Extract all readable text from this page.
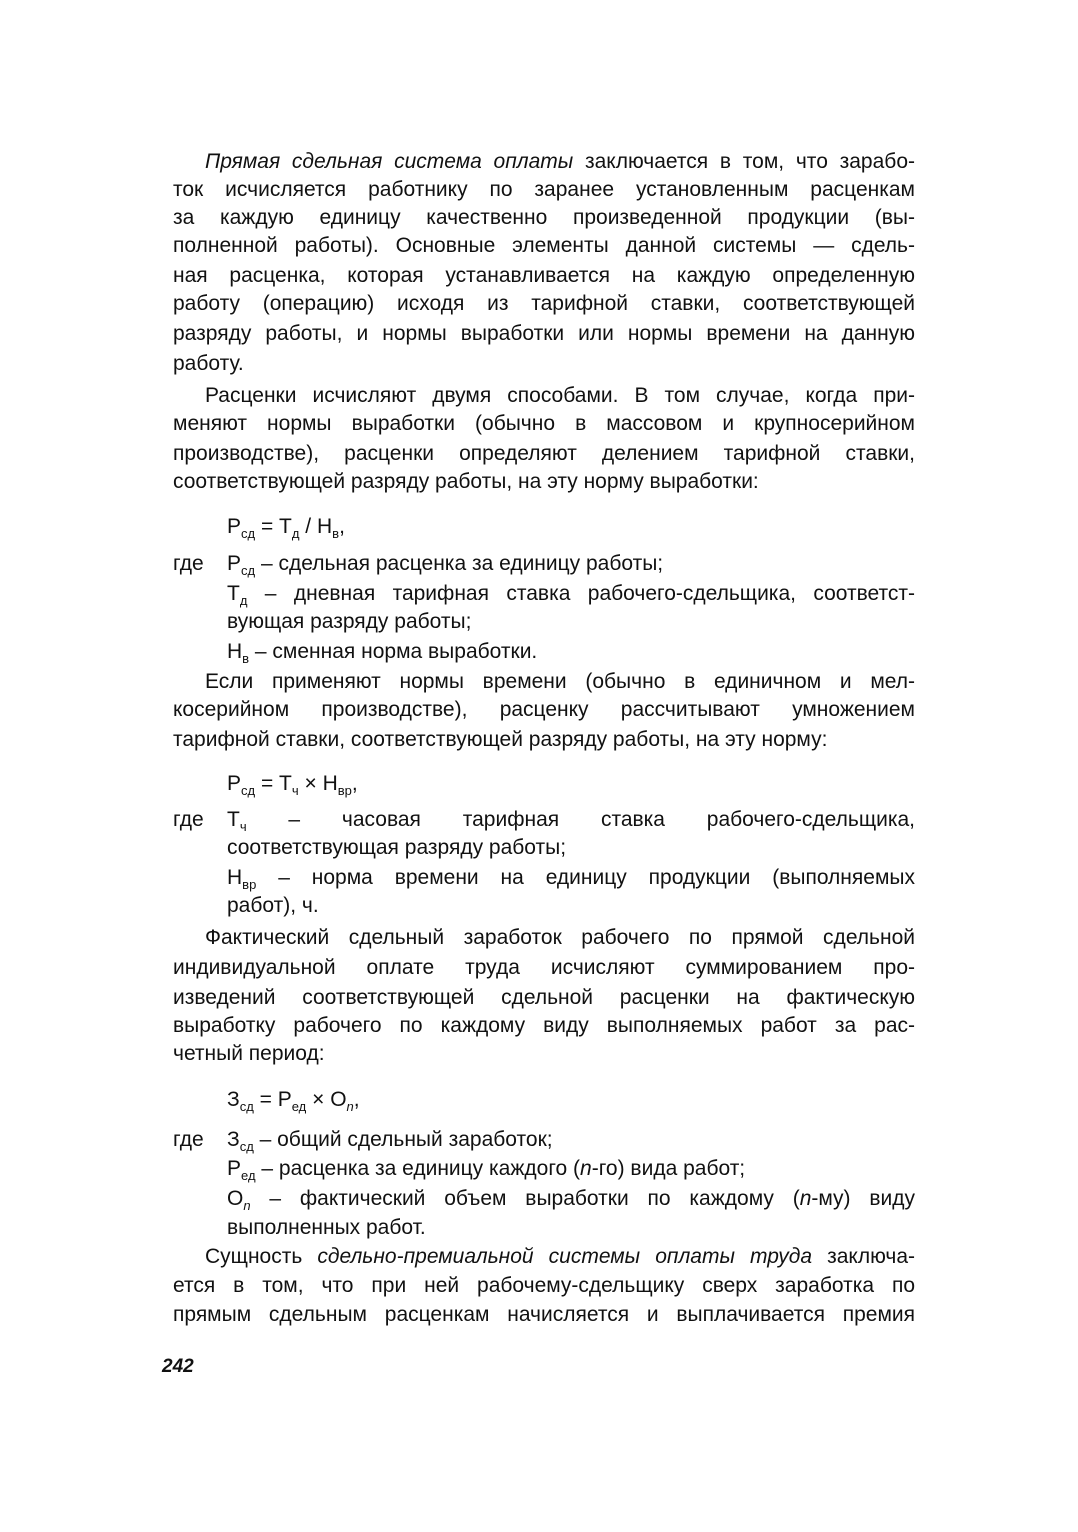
Прямая сдельная система оплаты заключается в том, что зарабо-
ток исчисляется работнику по заранее установленным расценкам
за каждую единицу качественно произведенной продукции (вы-
полненной работы). Основные элементы данной системы — сдель-
ная расценка, которая устанавливается на каждую определенную
работу (операцию) исходя из тарифной ставки, соответствующей
разряду работы, и нормы выработки или нормы времени на данную
работу.
Расценки исчисляют двумя способами. В том случае, когда при-
меняют нормы выработки (обычно в массовом и крупносерийном
производстве), расценки определяют делением тарифной ставки,
соответствующей разряду работы, на эту норму выработки:
$Р_{сд} = Т_д / Н_в$,
где	$Р_{сд}$ – сдельная расценка за единицу работы;
$Т_д$ – дневная тарифная ставка рабочего-сдельщика, соответст-
вующая разряду работы;
$Н_в$ – сменная норма выработки.
Если применяют нормы времени (обычно в единичном и мел-
косерийном производстве), расценку рассчитывают умножением
тарифной ставки, соответствующей разряду работы, на эту норму:
$Р_{сд} = Т_ч \times Н_{вр}$,
где	$Т_ч$ – часовая тарифная ставка рабочего-сдельщика,
соответствующая разряду работы;
$Н_{вр}$ – норма времени на единицу продукции (выполняемых
работ), ч.
Фактический сдельный заработок рабочего по прямой сдельной
индивидуальной оплате труда исчисляют суммированием про-
изведений соответствующей сдельной расценки на фактическую
выработку рабочего по каждому виду выполняемых работ за рас-
четный период:
$З_{сд} = Р_{ед} \times О_n$,
где	$З_{сд}$ – общий сдельный заработок;
$Р_{ед}$ – расценка за единицу каждого (n-го) вида работ;
$О_n$ – фактический объем выработки по каждому (n-му) виду
выполненных работ.
Сущность сдельно-премиальной системы оплаты труда заключа-
ется в том, что при ней рабочему-сдельщику сверх заработка по
прямым сдельным расценкам начисляется и выплачивается премия
242
